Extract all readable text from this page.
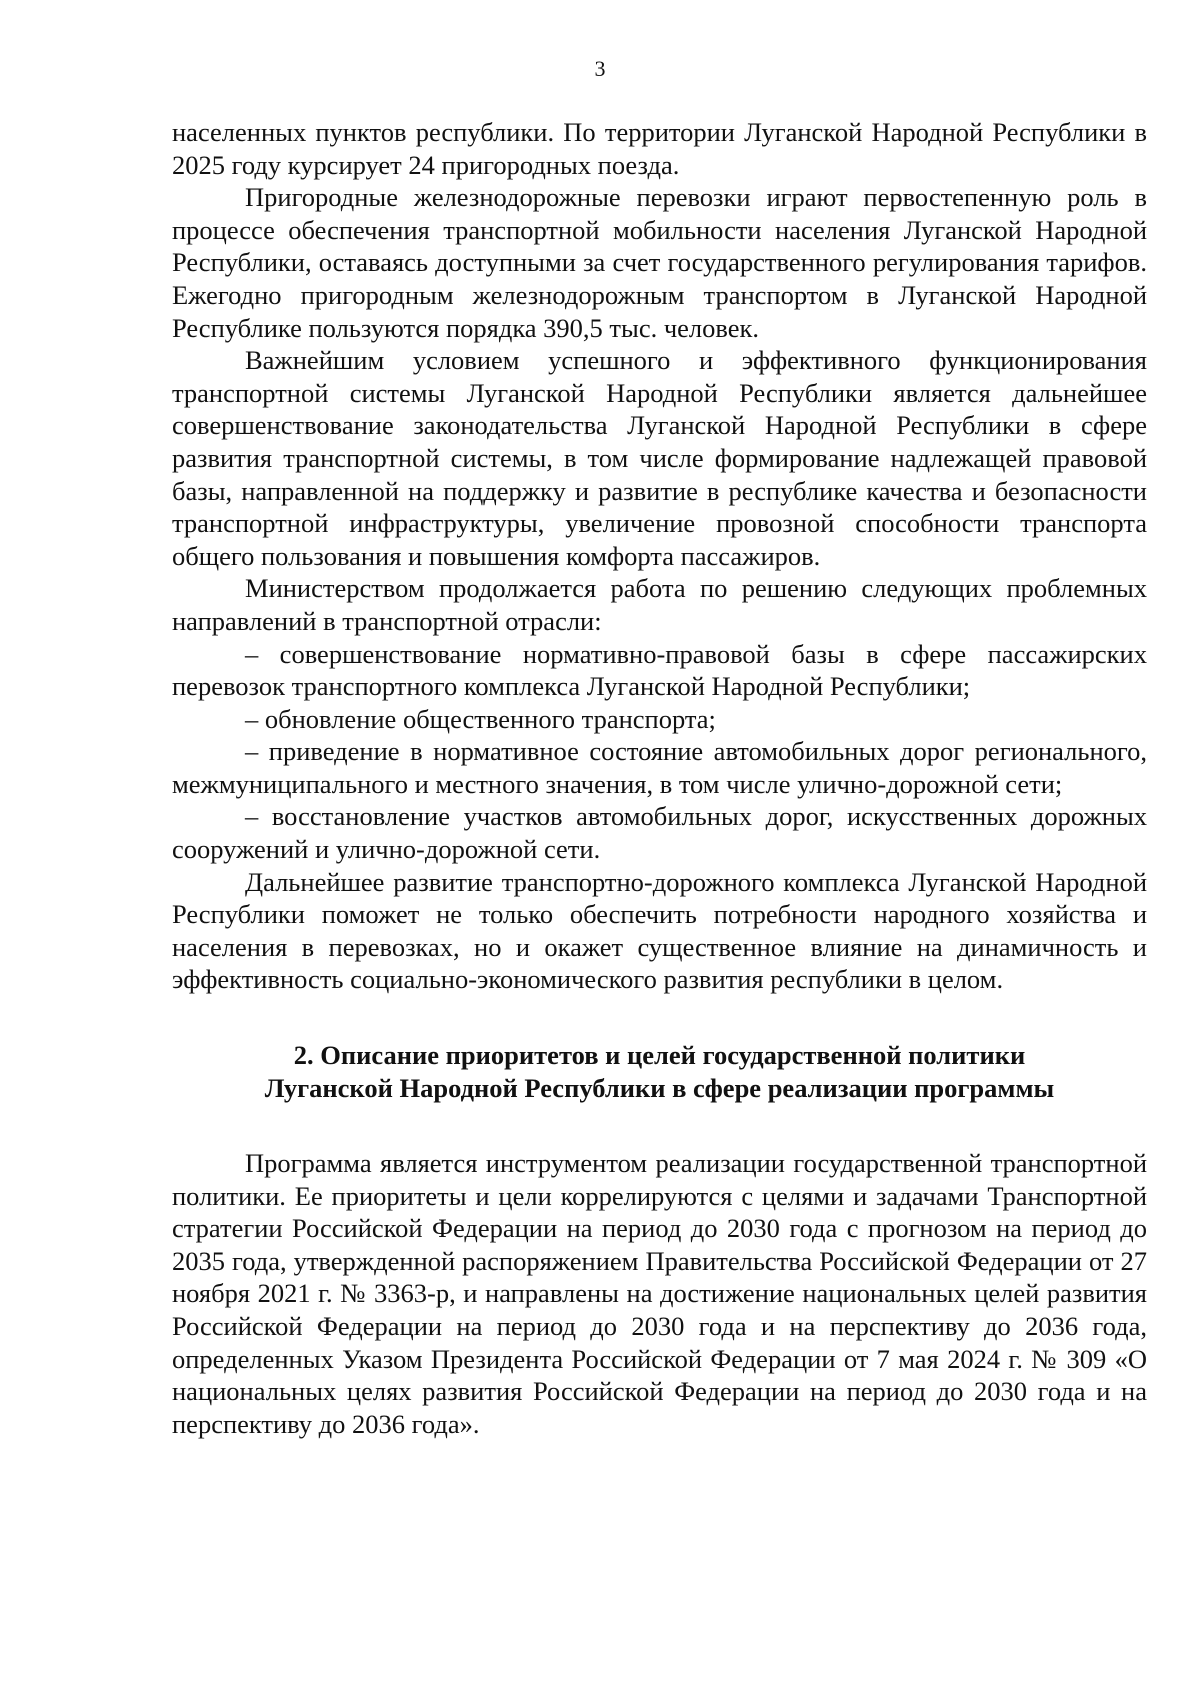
3

населенных пунктов республики. По территории Луганской Народной Республики в 2025 году курсирует 24 пригородных поезда.

Пригородные железнодорожные перевозки играют первостепенную роль в процессе обеспечения транспортной мобильности населения Луганской Народной Республики, оставаясь доступными за счет государственного регулирования тарифов. Ежегодно пригородным железнодорожным транспортом в Луганской Народной Республике пользуются порядка 390,5 тыс. человек.

Важнейшим условием успешного и эффективного функционирования транспортной системы Луганской Народной Республики является дальнейшее совершенствование законодательства Луганской Народной Республики в сфере развития транспортной системы, в том числе формирование надлежащей правовой базы, направленной на поддержку и развитие в республике качества и безопасности транспортной инфраструктуры, увеличение провозной способности транспорта общего пользования и повышения комфорта пассажиров.

Министерством продолжается работа по решению следующих проблемных направлений в транспортной отрасли:

– совершенствование нормативно-правовой базы в сфере пассажирских перевозок транспортного комплекса Луганской Народной Республики;

– обновление общественного транспорта;

– приведение в нормативное состояние автомобильных дорог регионального, межмуниципального и местного значения, в том числе улично-дорожной сети;

– восстановление участков автомобильных дорог, искусственных дорожных сооружений и улично-дорожной сети.

Дальнейшее развитие транспортно-дорожного комплекса Луганской Народной Республики поможет не только обеспечить потребности народного хозяйства и населения в перевозках, но и окажет существенное влияние на динамичность и эффективность социально-экономического развития республики в целом.

2. Описание приоритетов и целей государственной политики
Луганской Народной Республики в сфере реализации программы

Программа является инструментом реализации государственной транспортной политики. Ее приоритеты и цели коррелируются с целями и задачами Транспортной стратегии Российской Федерации на период до 2030 года с прогнозом на период до 2035 года, утвержденной распоряжением Правительства Российской Федерации от 27 ноября 2021 г. № 3363-р, и направлены на достижение национальных целей развития Российской Федерации на период до 2030 года и на перспективу до 2036 года, определенных Указом Президента Российской Федерации от 7 мая 2024 г. № 309 «О национальных целях развития Российской Федерации на период до 2030 года и на перспективу до 2036 года».
